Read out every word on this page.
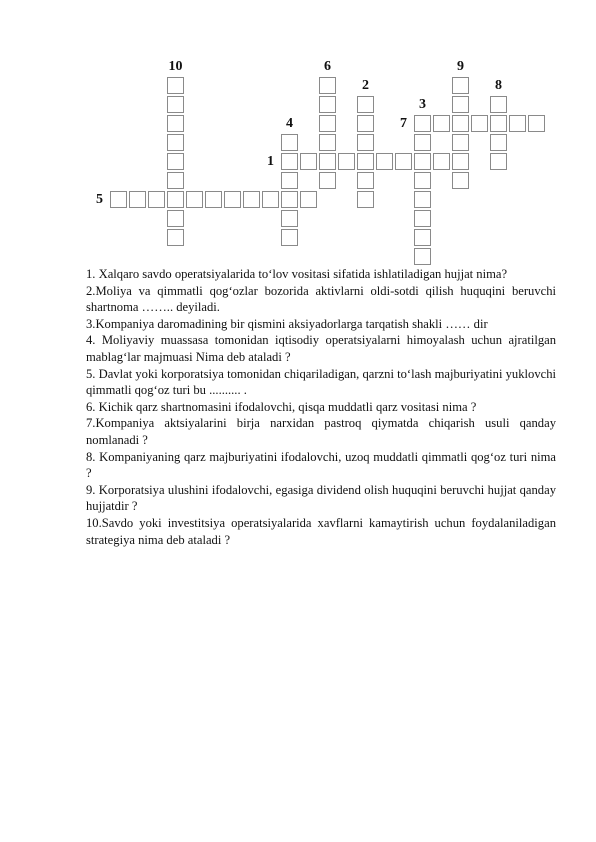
10	6	9
2	8
3
4	7
1
5

1. Xalqaro savdo operatsiyalarida to‘lov vositasi sifatida ishlatiladigan hujjat nima?

2.Moliya va qimmatli qog‘ozlar bozorida aktivlarni oldi-sotdi qilish huquqini beruvchi shartnoma …….. deyiladi.

3.Kompaniya daromadining bir qismini aksiyadorlarga tarqatish shakli …… dir

4. Moliyaviy muassasa tomonidan iqtisodiy operatsiyalarni himoyalash uchun ajratilgan mablag‘lar majmuasi Nima deb ataladi ?

5. Davlat yoki korporatsiya tomonidan chiqariladigan, qarzni to‘lash majburiyatini yuklovchi qimmatli qog‘oz turi bu .......... .

6. Kichik qarz shartnomasini ifodalovchi, qisqa muddatli qarz vositasi nima ?

7.Kompaniya aktsiyalarini birja narxidan pastroq qiymatda chiqarish usuli qanday nomlanadi ?

8. Kompaniyaning qarz majburiyatini ifodalovchi, uzoq muddatli qimmatli qog‘oz turi nima ?

9. Korporatsiya ulushini ifodalovchi, egasiga dividend olish huquqini beruvchi hujjat qanday hujjatdir ?

10.Savdo yoki investitsiya operatsiyalarida xavflarni kamaytirish uchun foydalaniladigan strategiya nima deb ataladi ?
